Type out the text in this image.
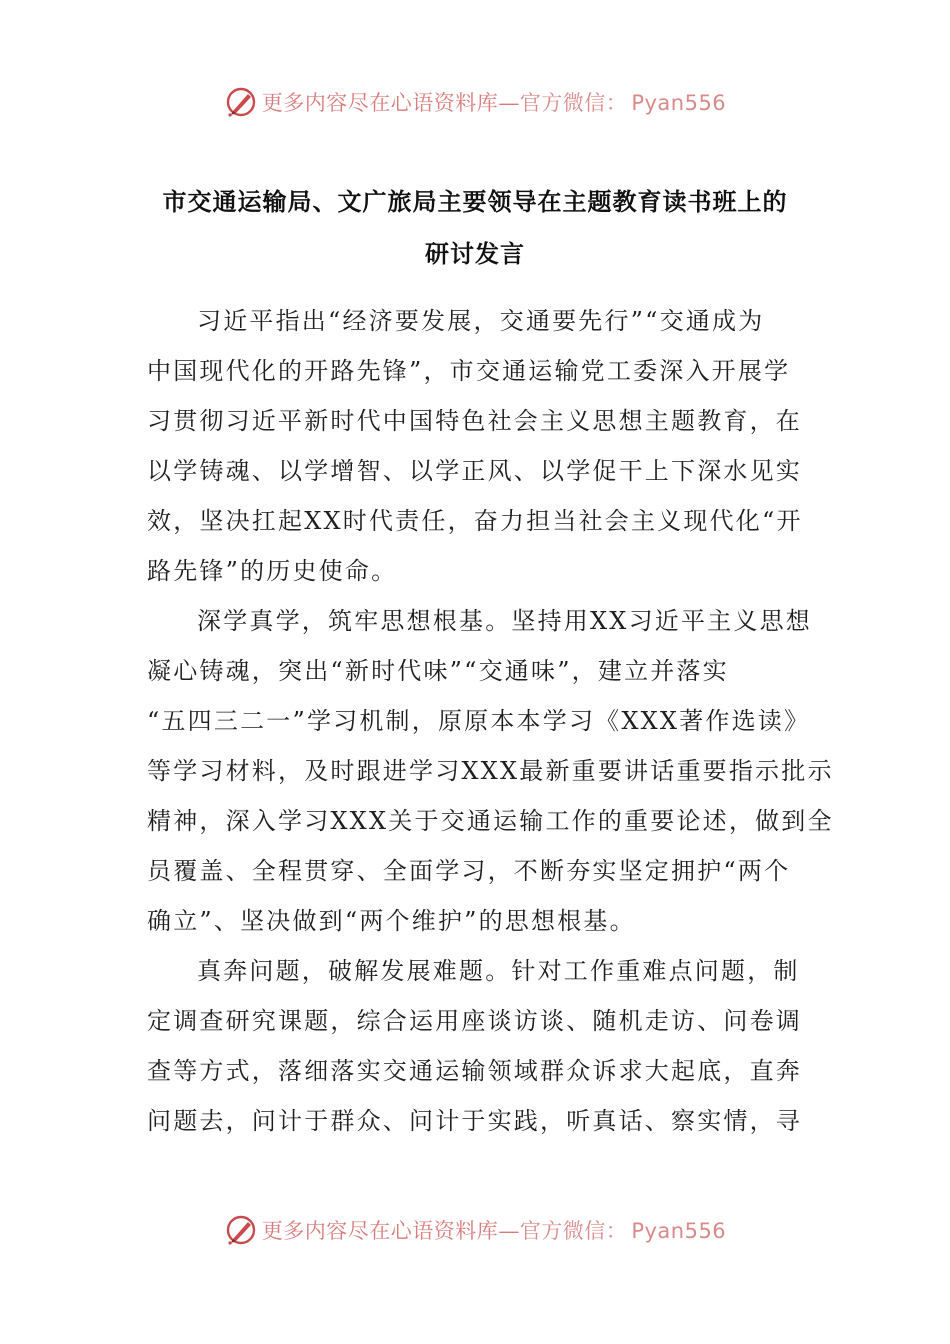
更多内容尽在心语资料库—官方微信： Pyan556
市交通运输局、文广旅局主要领导在主题教育读书班上的
研讨发言
习近平指出“经济要发展，交通要先行”“交通成为
中国现代化的开路先锋”，市交通运输党工委深入开展学
习贯彻习近平新时代中国特色社会主义思想主题教育，在
以学铸魂、以学增智、以学正风、以学促干上下深水见实
效，坚决扛起XX时代责任，奋力担当社会主义现代化“开
路先锋”的历史使命。
深学真学，筑牢思想根基。坚持用XX习近平主义思想
凝心铸魂，突出“新时代味”“交通味”，建立并落实
“五四三二一”学习机制，原原本本学习《XXX著作选读》
等学习材料，及时跟进学习XXX最新重要讲话重要指示批示
精神，深入学习XXX关于交通运输工作的重要论述，做到全
员覆盖、全程贯穿、全面学习，不断夯实坚定拥护“两个
确立”、坚决做到“两个维护”的思想根基。
真奔问题，破解发展难题。针对工作重难点问题，制
定调查研究课题，综合运用座谈访谈、随机走访、问卷调
查等方式，落细落实交通运输领域群众诉求大起底，直奔
问题去，问计于群众、问计于实践，听真话、察实情，寻
更多内容尽在心语资料库—官方微信： Pyan556
